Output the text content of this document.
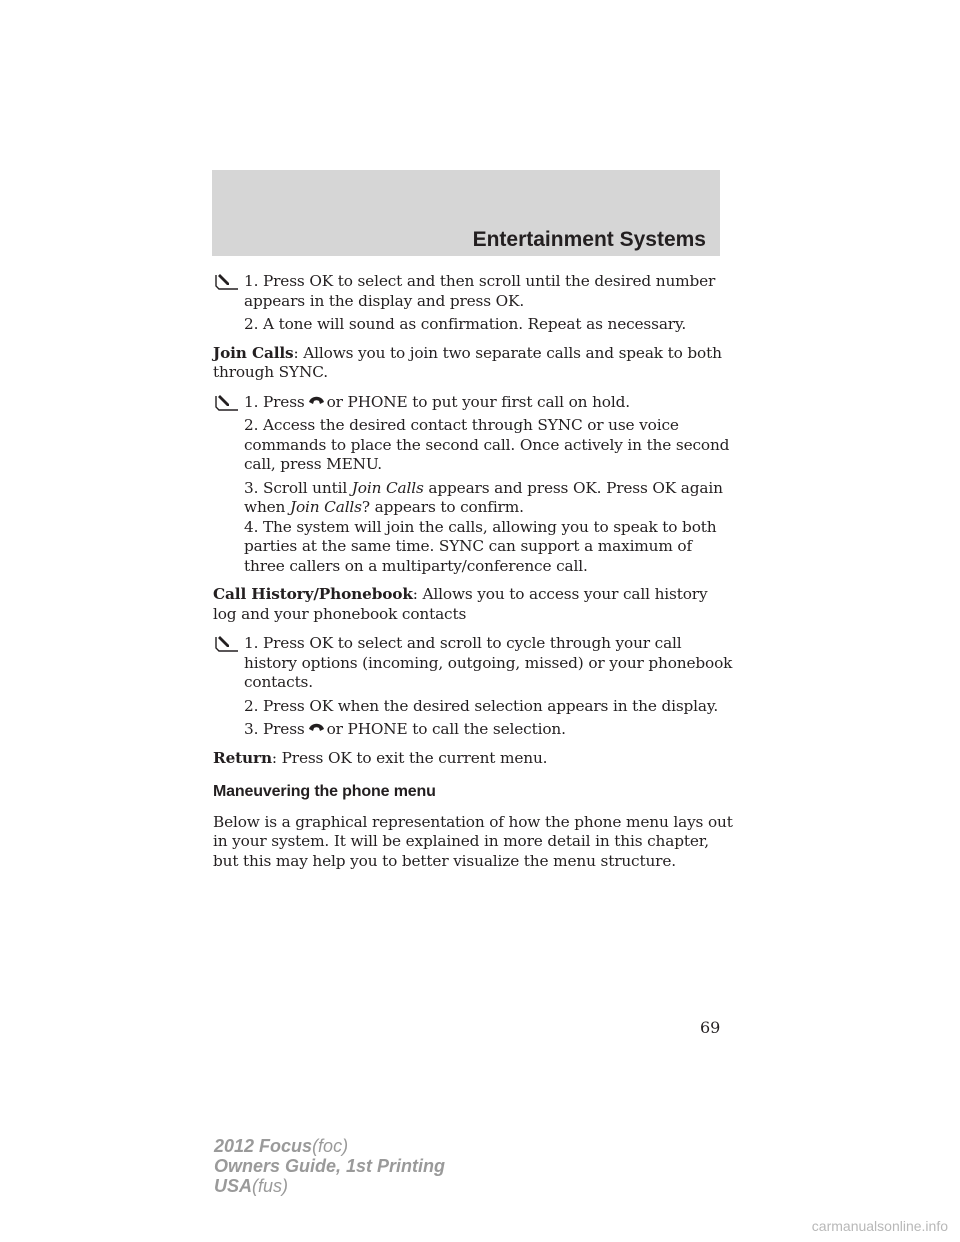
Entertainment Systems

1. Press OK to select and then scroll until the desired number appears in the display and press OK.

2. A tone will sound as confirmation. Repeat as necessary.

Join Calls: Allows you to join two separate calls and speak to both through SYNC.

1. Press or PHONE to put your first call on hold.

2. Access the desired contact through SYNC or use voice commands to place the second call. Once actively in the second call, press MENU.

3. Scroll until Join Calls appears and press OK. Press OK again when Join Calls? appears to confirm.

4. The system will join the calls, allowing you to speak to both parties at the same time. SYNC can support a maximum of three callers on a multiparty/conference call.

Call History/Phonebook: Allows you to access your call history log and your phonebook contacts

1. Press OK to select and scroll to cycle through your call history options (incoming, outgoing, missed) or your phonebook contacts.

2. Press OK when the desired selection appears in the display.

3. Press or PHONE to call the selection.

Return: Press OK to exit the current menu.

Maneuvering the phone menu

Below is a graphical representation of how the phone menu lays out in your system. It will be explained in more detail in this chapter, but this may help you to better visualize the menu structure.

69
2012 Focus(foc)
Owners Guide, 1st Printing
USA(fus)
carmanualsonline.info
